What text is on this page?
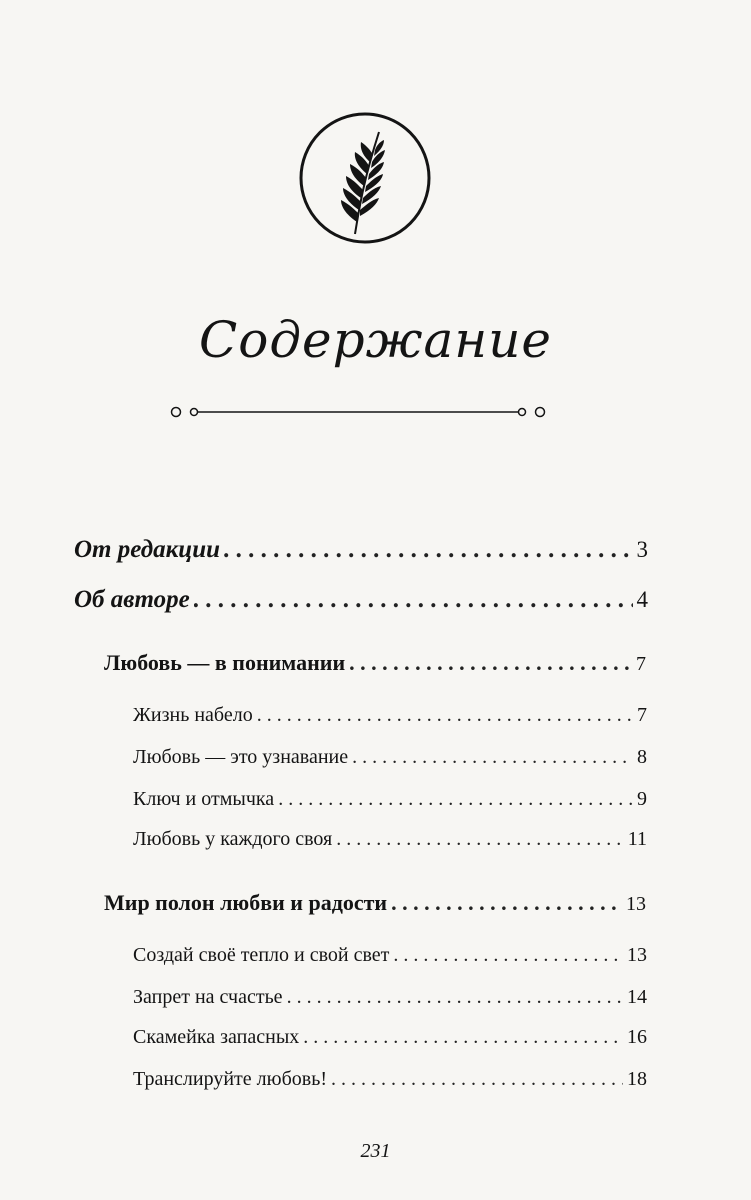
Содержание
От редакции . . .	3
Об авторе . . .	4
Любовь — в понимании . . .	7
Жизнь набело . . .	7
Любовь — это узнавание . . .	8
Ключ и отмычка . . .	9
Любовь у каждого своя . . .	11
Мир полон любви и радости . . .	13
Создай своё тепло и свой свет . . .	13
Запрет на счастье . . .	14
Скамейка запасных . . .	16
Транслируйте любовь! . . .	18
231
